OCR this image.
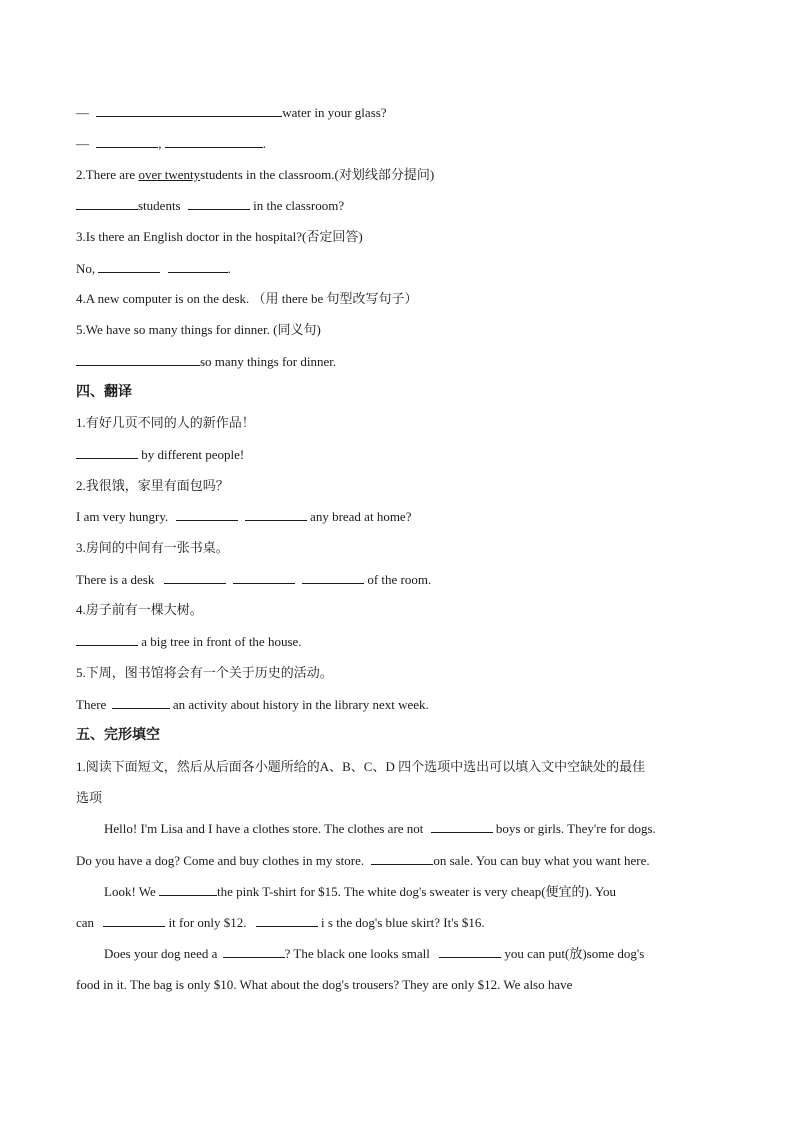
—	water in your glass?
—	,	.
2.There are over twentystudents in the classroom.(对划线部分提问)
students	in the classroom?
3.Is there an English doctor in the hospital?(否定回答)
No,	.
4.A new computer is on the desk. （用 there be 句型改写句子）
5.We have so many things for dinner. (同义句)
so many things for dinner.
四、翻译
1.有好几页不同的人的新作品！
by different people!
2.我很饿，家里有面包吗？
I am very hungry.	any bread at home?
3.房间的中间有一张书桌。
There is a desk	of the room.
4.房子前有一棵大树。
a big tree in front of the house.
5.下周，图书馆将会有一个关于历史的活动。
There	an activity about history in the library next week.
五、完形填空
1.阅读下面短文，然后从后面各小题所给的A、B、C、D 四个选项中选出可以填入文中空缺处的最佳
选项
Hello! I'm Lisa and I have a clothes store. The clothes are not	boys or girls. They're for dogs.
Do you have a dog? Come and buy clothes in my store.	on sale. You can buy what you want here.
Look! We	the pink T-shirt for $15. The white dog's sweater is very cheap(便宜的). You
can	it for only $12.	i s the dog's blue skirt? It's $16.
Does your dog need a	? The black one looks small	you can put(放)some dog's
food in it. The bag is only $10. What about the dog's trousers? They are only $12. We also have
